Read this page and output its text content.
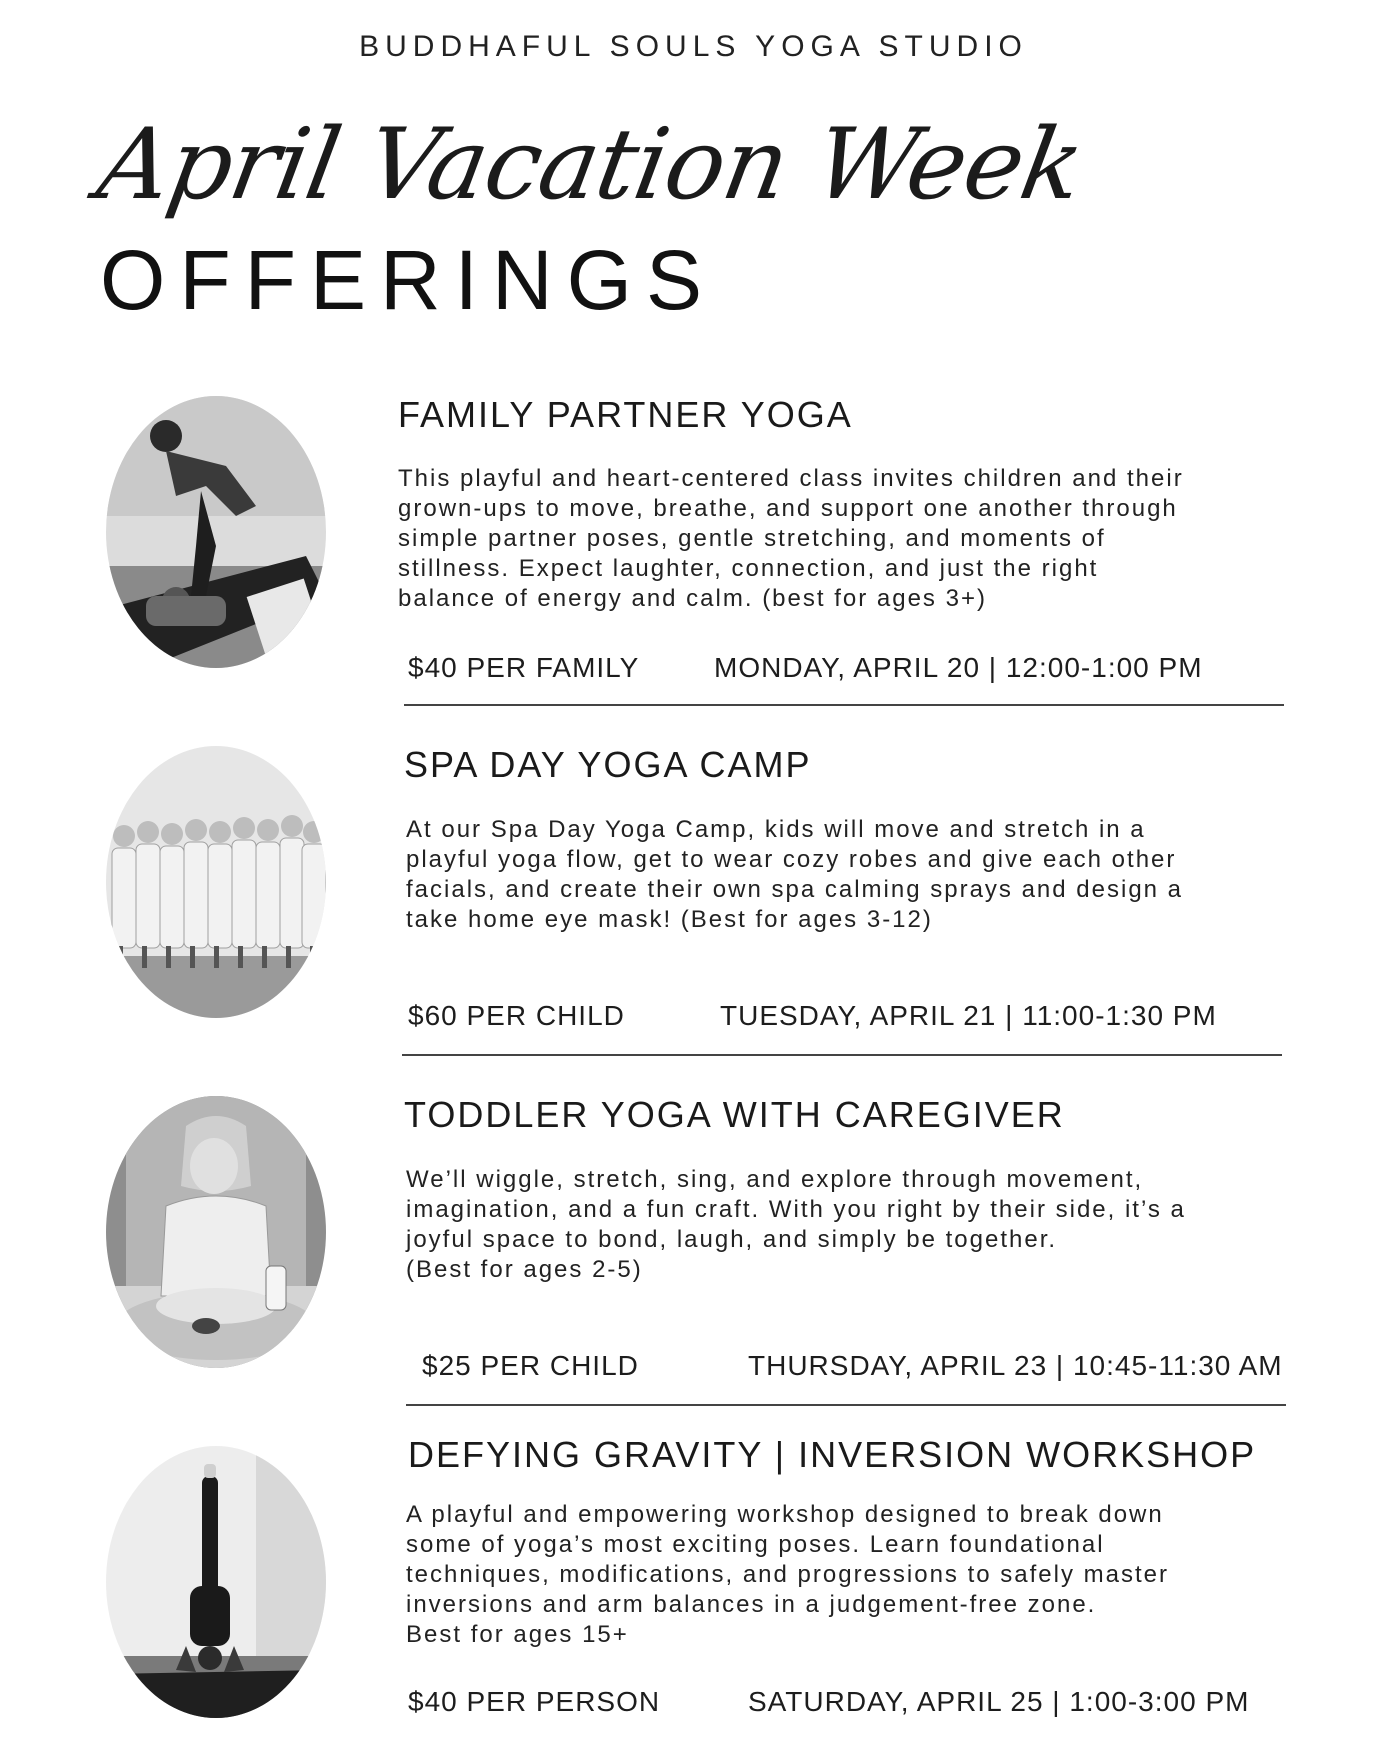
BUDDHAFUL SOULS YOGA STUDIO
April Vacation Week
OFFERINGS
FAMILY PARTNER YOGA
This playful and heart-centered class invites children and their
grown-ups to move, breathe, and support one another through
simple partner poses, gentle stretching, and moments of
stillness. Expect laughter, connection, and just the right
balance of energy and calm. (best for ages 3+)
$40 PER FAMILY	MONDAY, APRIL 20 | 12:00-1:00 PM
SPA DAY YOGA CAMP
At our Spa Day Yoga Camp, kids will move and stretch in a
playful yoga flow, get to wear cozy robes and give each other
facials, and create their own spa calming sprays and design a
take home eye mask! (Best for ages 3-12)
$60 PER CHILD	TUESDAY, APRIL 21 | 11:00-1:30 PM
TODDLER YOGA WITH CAREGIVER
We’ll wiggle, stretch, sing, and explore through movement,
imagination, and a fun craft. With you right by their side, it’s a
joyful space to bond, laugh, and simply be together.
(Best for ages 2-5)
$25 PER CHILD	THURSDAY, APRIL 23 | 10:45-11:30 AM
DEFYING GRAVITY | INVERSION WORKSHOP
A playful and empowering workshop designed to break down
some of yoga’s most exciting poses. Learn foundational
techniques, modifications, and progressions to safely master
inversions and arm balances in a judgement-free zone.
Best for ages 15+
$40 PER PERSON	SATURDAY, APRIL 25 | 1:00-3:00 PM
